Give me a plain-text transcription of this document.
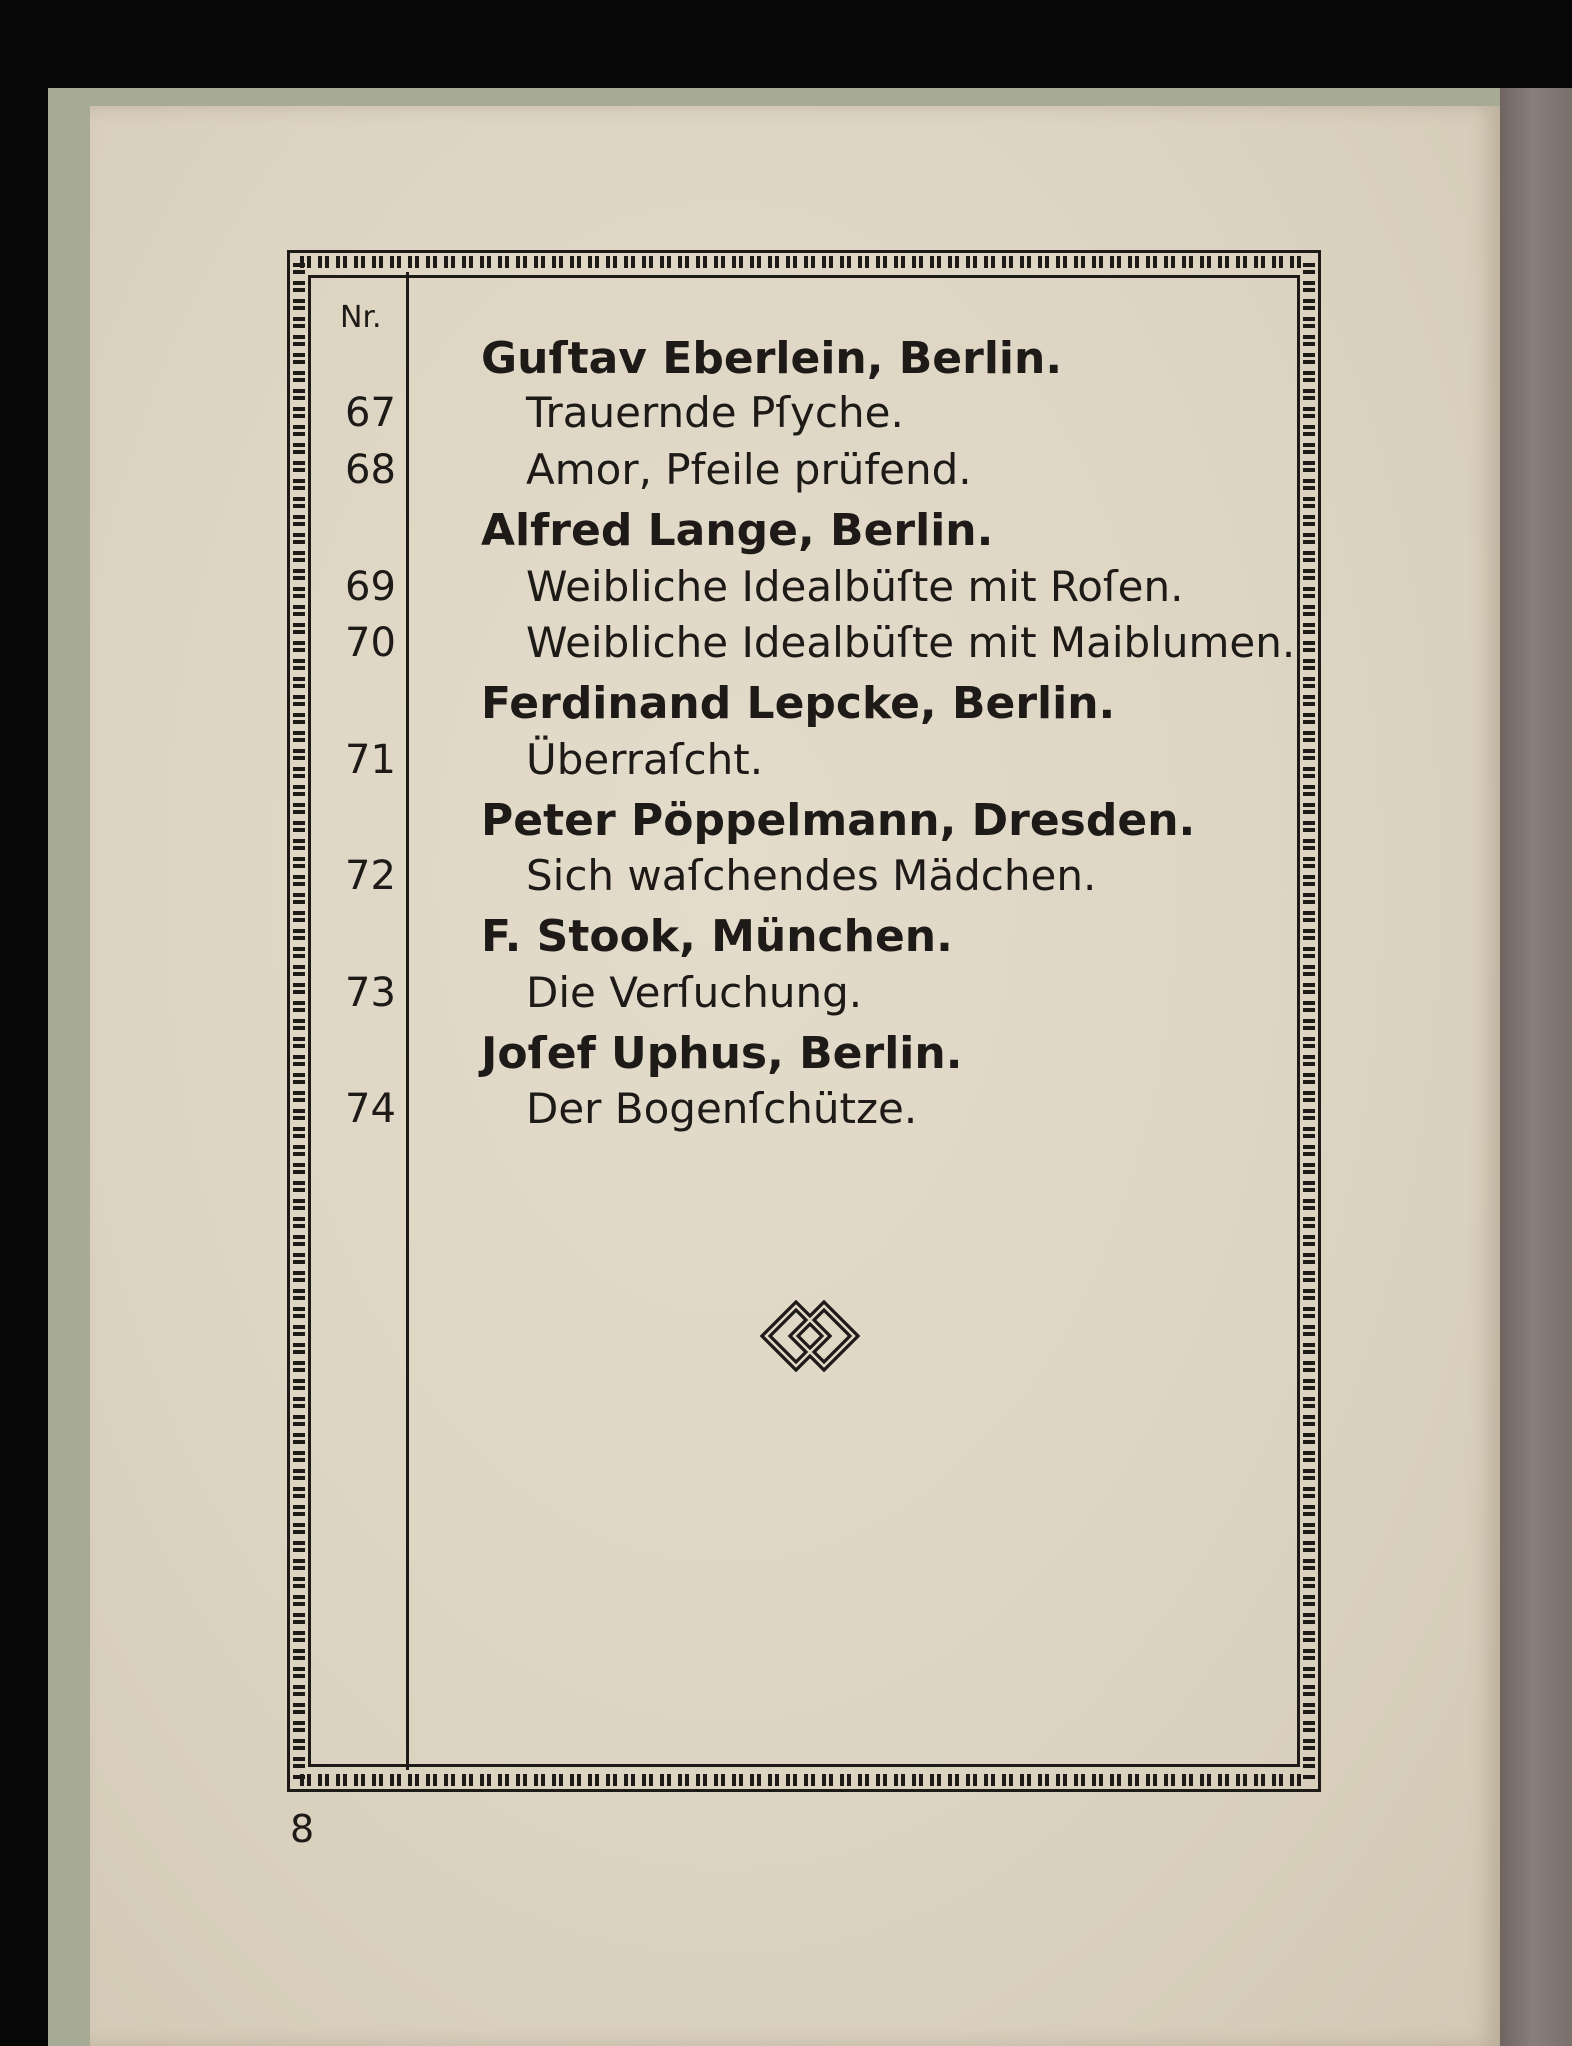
Nr.
Guſtav Eberlein, Berlin.
67	Trauernde Pſyche.
68	Amor, Pfeile prüfend.
Alfred Lange, Berlin.
69	Weibliche Idealbüſte mit Roſen.
70	Weibliche Idealbüſte mit Maiblumen.
Ferdinand Lepcke, Berlin.
71	Überraſcht.
Peter Pöppelmann, Dresden.
72	Sich waſchendes Mädchen.
F. Stook, München.
73	Die Verſuchung.
Joſef Uphus, Berlin.
74	Der Bogenſchütze.
8
